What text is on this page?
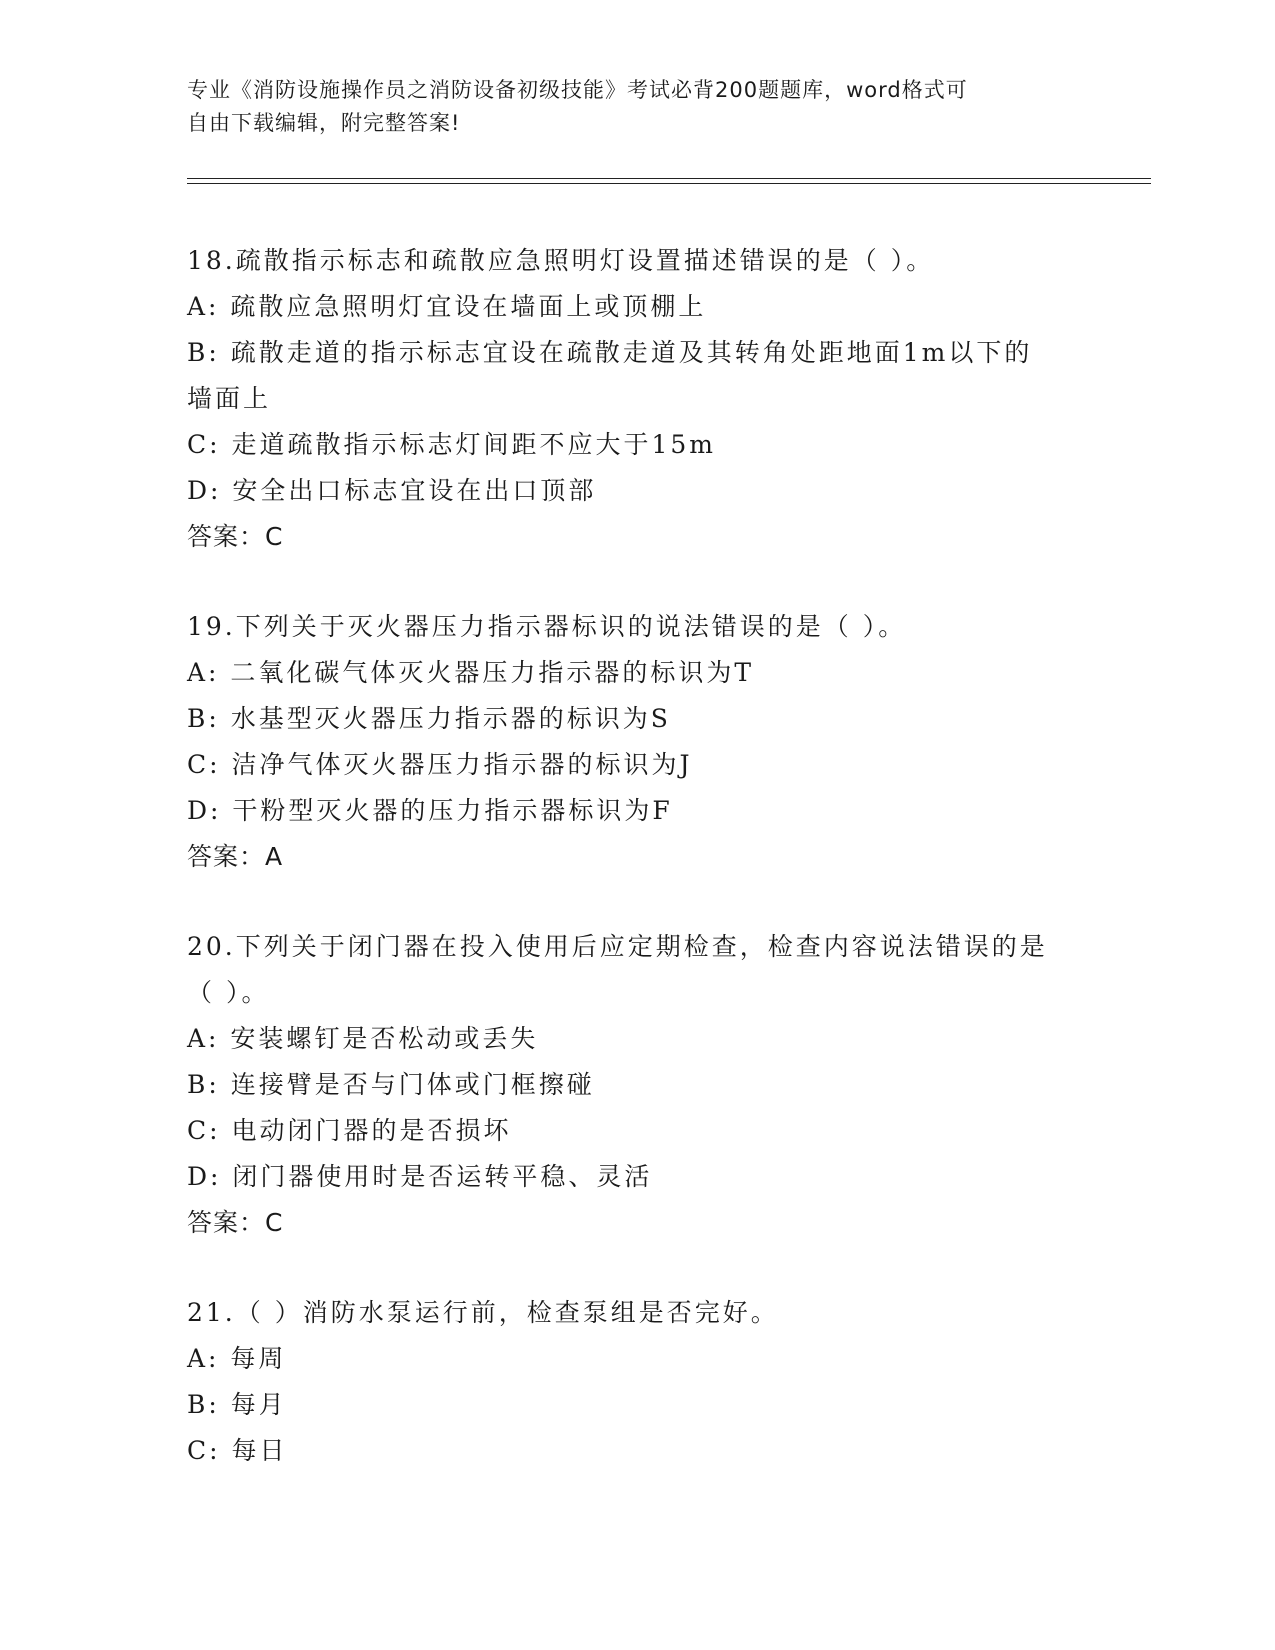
专业《消防设施操作员之消防设备初级技能》考试必背200题题库，word格式可
自由下载编辑，附完整答案!
18.疏散指示标志和疏散应急照明灯设置描述错误的是（ ）。
A: 疏散应急照明灯宜设在墙面上或顶棚上
B: 疏散走道的指示标志宜设在疏散走道及其转角处距地面1m以下的
墙面上
C: 走道疏散指示标志灯间距不应大于15m
D: 安全出口标志宜设在出口顶部
答案：C
19.下列关于灭火器压力指示器标识的说法错误的是（ ）。
A: 二氧化碳气体灭火器压力指示器的标识为T
B: 水基型灭火器压力指示器的标识为S
C: 洁净气体灭火器压力指示器的标识为J
D: 干粉型灭火器的压力指示器标识为F
答案：A
20.下列关于闭门器在投入使用后应定期检查，检查内容说法错误的是
（ ）。
A: 安装螺钉是否松动或丢失
B: 连接臂是否与门体或门框擦碰
C: 电动闭门器的是否损坏
D: 闭门器使用时是否运转平稳、灵活
答案：C
21.（ ）消防水泵运行前，检查泵组是否完好。
A: 每周
B: 每月
C: 每日
